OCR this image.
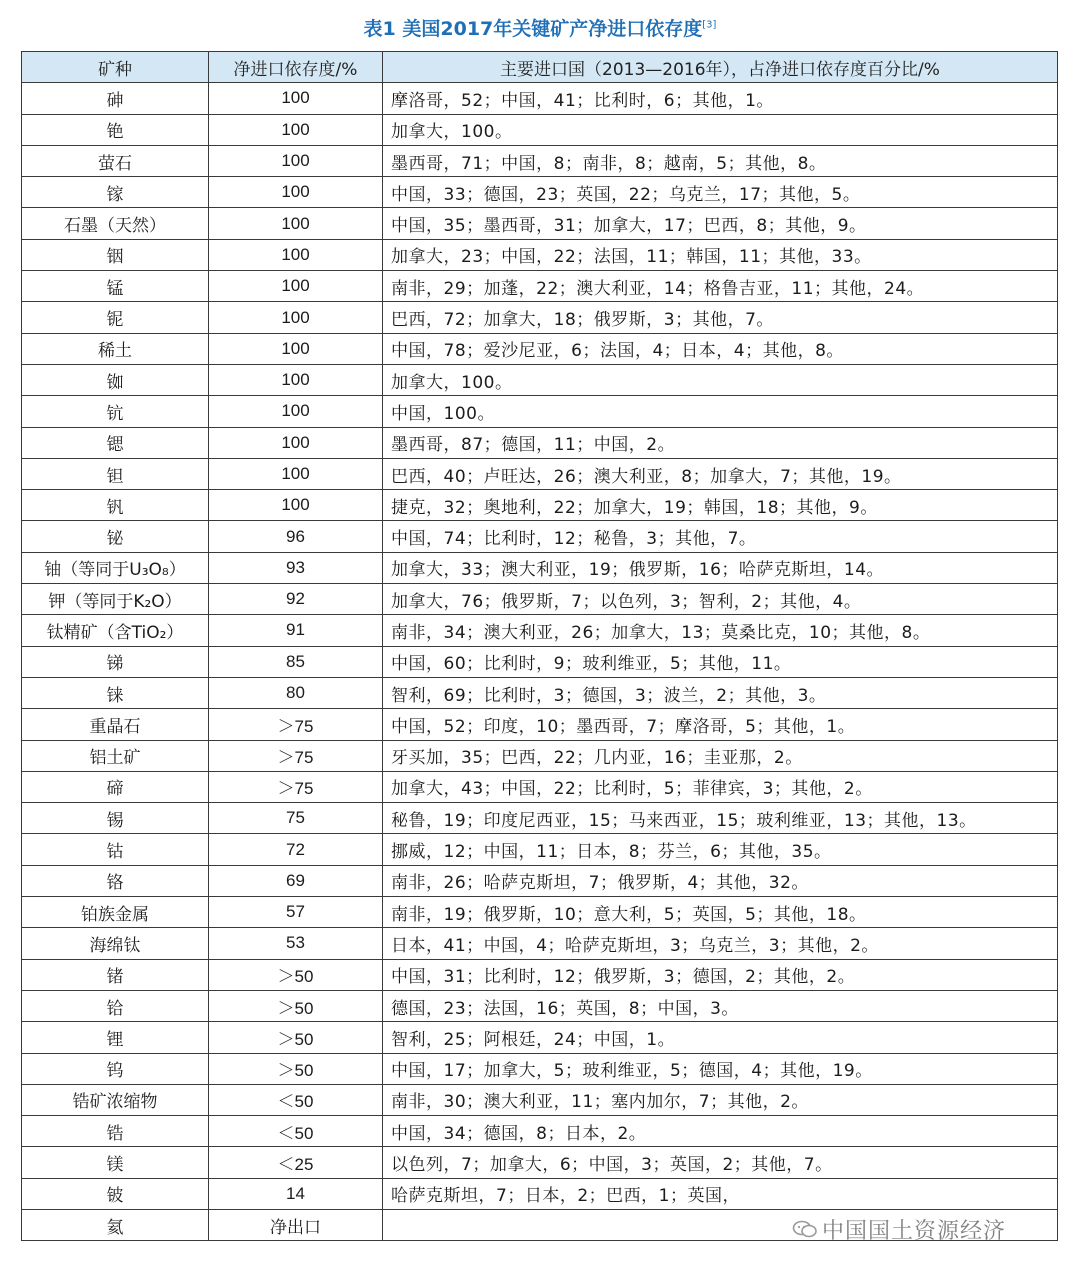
表1 美国2017年关键矿产净进口依存度[3]
矿种	净进口依存度/%	主要进口国（2013—2016年），占净进口依存度百分比/%
砷	100	摩洛哥，52；中国，41；比利时，6；其他，1。
铯	100	加拿大，100。
萤石	100	墨西哥，71；中国，8；南非，8；越南，5；其他，8。
镓	100	中国，33；德国，23；英国，22；乌克兰，17；其他，5。
石墨（天然）	100	中国，35；墨西哥，31；加拿大，17；巴西，8；其他，9。
铟	100	加拿大，23；中国，22；法国，11；韩国，11；其他，33。
锰	100	南非，29；加蓬，22；澳大利亚，14；格鲁吉亚，11；其他，24。
铌	100	巴西，72；加拿大，18；俄罗斯，3；其他，7。
稀土	100	中国，78；爱沙尼亚，6；法国，4；日本，4；其他，8。
铷	100	加拿大，100。
钪	100	中国，100。
锶	100	墨西哥，87；德国，11；中国，2。
钽	100	巴西，40；卢旺达，26；澳大利亚，8；加拿大，7；其他，19。
钒	100	捷克，32；奥地利，22；加拿大，19；韩国，18；其他，9。
铋	96	中国，74；比利时，12；秘鲁，3；其他，7。
铀（等同于U₃O₈）	93	加拿大，33；澳大利亚，19；俄罗斯，16；哈萨克斯坦，14。
钾（等同于K₂O）	92	加拿大，76；俄罗斯，7；以色列，3；智利，2；其他，4。
钛精矿（含TiO₂）	91	南非，34；澳大利亚，26；加拿大，13；莫桑比克，10；其他，8。
锑	85	中国，60；比利时，9；玻利维亚，5；其他，11。
铼	80	智利，69；比利时，3；德国，3；波兰，2；其他，3。
重晶石	＞75	中国，52；印度，10；墨西哥，7；摩洛哥，5；其他，1。
铝土矿	＞75	牙买加，35；巴西，22；几内亚，16；圭亚那，2。
碲	＞75	加拿大，43；中国，22；比利时，5；菲律宾，3；其他，2。
锡	75	秘鲁，19；印度尼西亚，15；马来西亚，15；玻利维亚，13；其他，13。
钴	72	挪威，12；中国，11；日本，8；芬兰，6；其他，35。
铬	69	南非，26；哈萨克斯坦，7；俄罗斯，4；其他，32。
铂族金属	57	南非，19；俄罗斯，10；意大利，5；英国，5；其他，18。
海绵钛	53	日本，41；中国，4；哈萨克斯坦，3；乌克兰，3；其他，2。
锗	＞50	中国，31；比利时，12；俄罗斯，3；德国，2；其他，2。
铪	＞50	德国，23；法国，16；英国，8；中国，3。
锂	＞50	智利，25；阿根廷，24；中国，1。
钨	＞50	中国，17；加拿大，5；玻利维亚，5；德国，4；其他，19。
锆矿浓缩物	＜50	南非，30；澳大利亚，11；塞内加尔，7；其他，2。
锆	＜50	中国，34；德国，8；日本，2。
镁	＜25	以色列，7；加拿大，6；中国，3；英国，2；其他，7。
铍	14	哈萨克斯坦，7；日本，2；巴西，1；英国，
氦	净出口		中国国土资源经济
